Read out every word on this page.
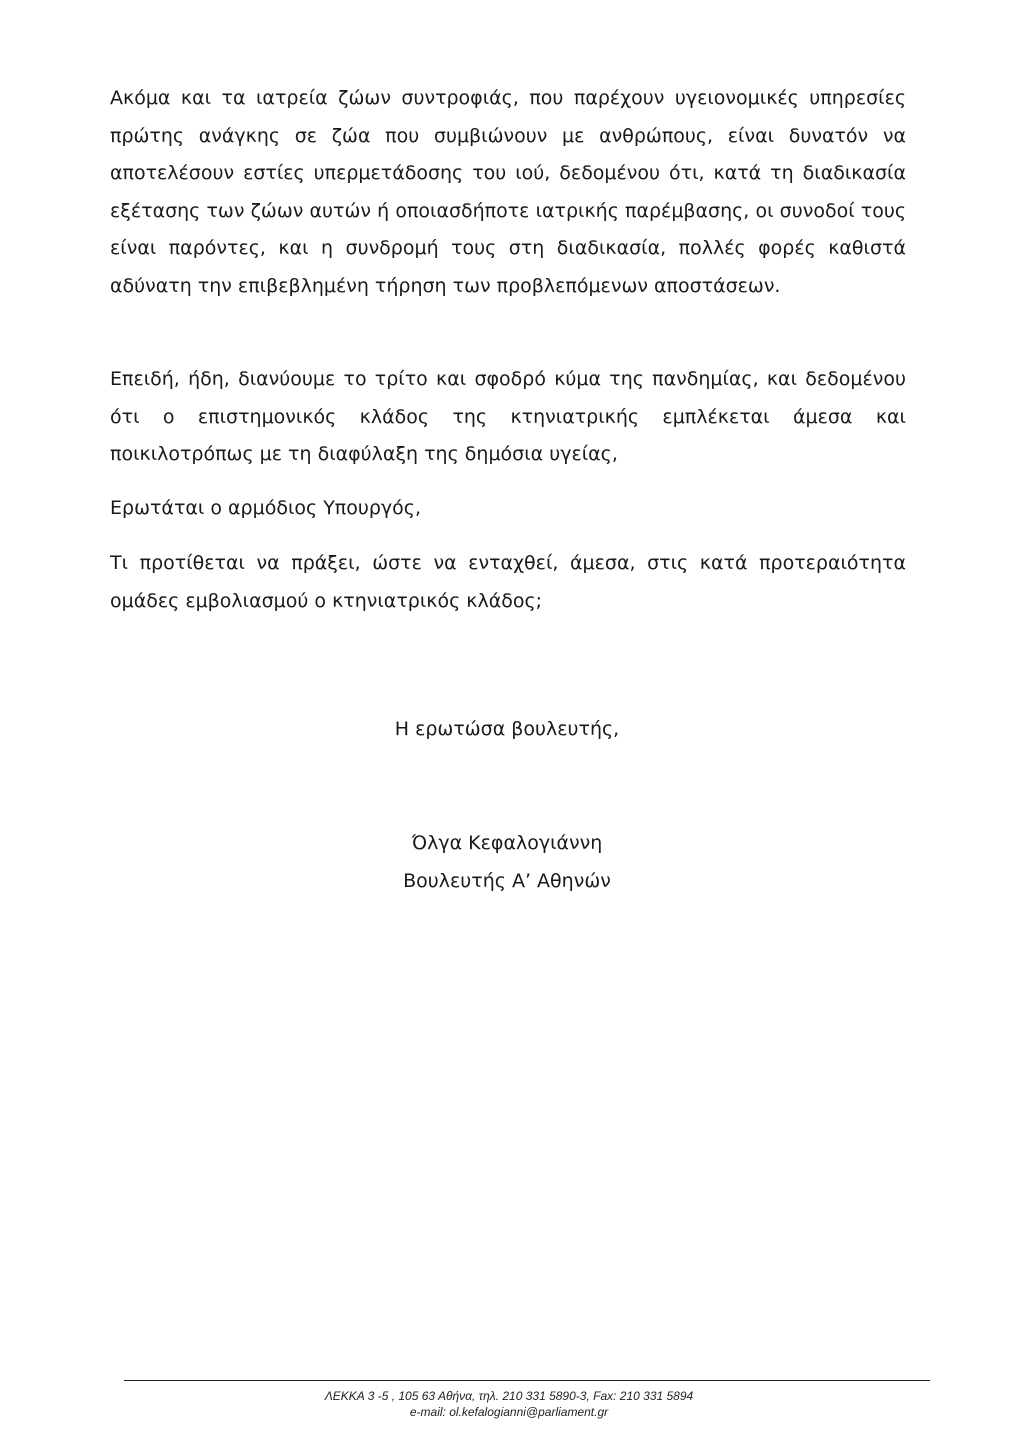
Ακόμα και τα ιατρεία ζώων συντροφιάς, που παρέχουν υγειονομικές υπηρεσίες πρώτης ανάγκης σε ζώα που συμβιώνουν με ανθρώπους, είναι δυνατόν να αποτελέσουν εστίες υπερμετάδοσης του ιού, δεδομένου ότι, κατά τη διαδικασία εξέτασης των ζώων αυτών ή οποιασδήποτε ιατρικής παρέμβασης, οι συνοδοί τους είναι παρόντες, και η συνδρομή τους στη διαδικασία, πολλές φορές καθιστά αδύνατη την επιβεβλημένη τήρηση των προβλεπόμενων αποστάσεων.

Επειδή, ήδη, διανύουμε το τρίτο και σφοδρό κύμα της πανδημίας, και δεδομένου ότι ο επιστημονικός κλάδος της κτηνιατρικής εμπλέκεται άμεσα και ποικιλοτρόπως με τη διαφύλαξη της δημόσια υγείας,

Ερωτάται ο αρμόδιος Υπουργός,

Τι προτίθεται να πράξει, ώστε να ενταχθεί, άμεσα, στις κατά προτεραιότητα ομάδες εμβολιασμού ο κτηνιατρικός κλάδος;

Η ερωτώσα βουλευτής,

Όλγα Κεφαλογιάννη

Βουλευτής Α’ Αθηνών

ΛΕΚΚΑ 3 -5 , 105 63 Αθήνα, τηλ. 210 331 5890-3, Fax: 210 331 5894

e-mail: ol.kefalogianni@parliament.gr
